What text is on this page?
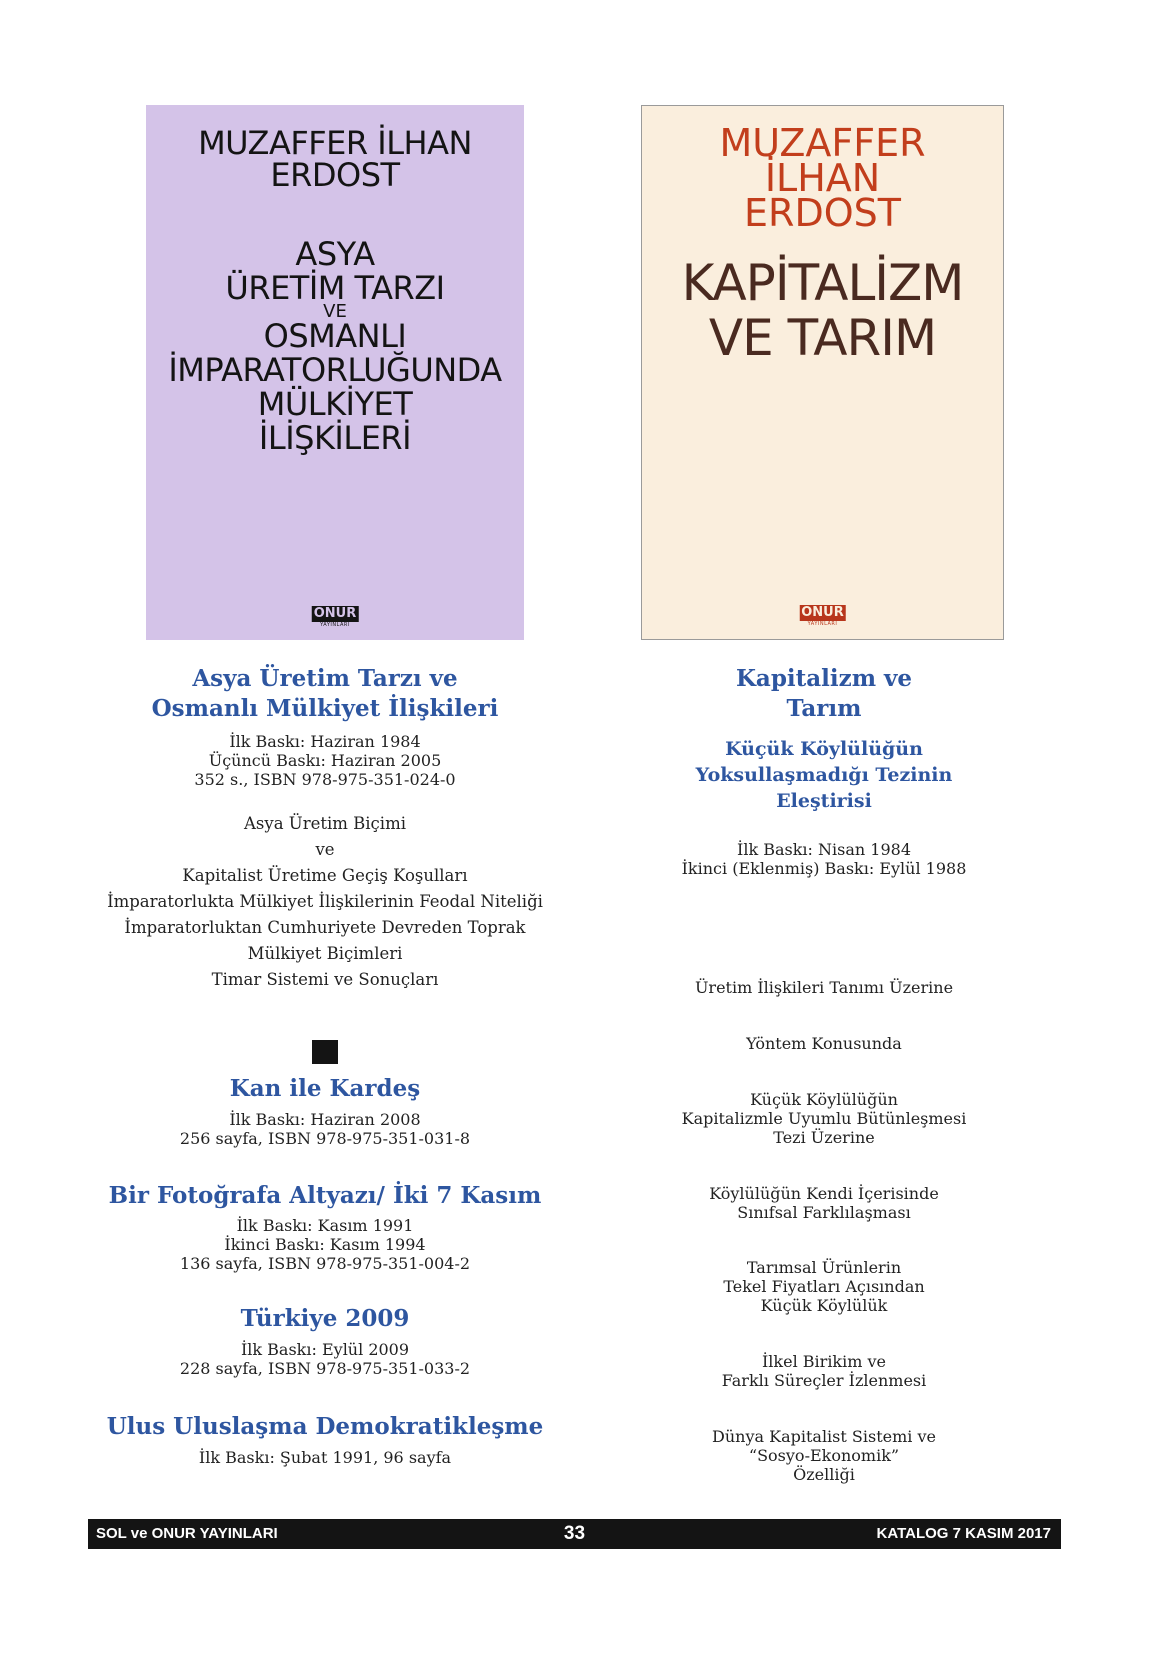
MUZAFFER İLHAN
ERDOST
ASYA
ÜRETİM TARZI
VE
OSMANLI
İMPARATORLUĞUNDA
MÜLKİYET
İLİŞKİLERİ
ONUR
YAYINLARI
MUZAFFER
İLHAN
ERDOST
KAPİTALİZM
VE TARIM
ONUR
YAYINLARI
Asya Üretim Tarzı ve Osmanlı Mülkiyet İlişkileri
İlk Baskı: Haziran 1984
Üçüncü Baskı: Haziran 2005
352 s., ISBN 978-975-351-024-0
Asya Üretim Biçimi
ve
Kapitalist Üretime Geçiş Koşulları
İmparatorlukta Mülkiyet İlişkilerinin Feodal Niteliği
İmparatorluktan Cumhuriyete Devreden Toprak
Mülkiyet Biçimleri
Timar Sistemi ve Sonuçları
Kan ile Kardeş
İlk Baskı: Haziran 2008
256 sayfa, ISBN 978-975-351-031-8
Bir Fotoğrafa Altyazı/ İki 7 Kasım
İlk Baskı: Kasım 1991
İkinci Baskı: Kasım 1994
136 sayfa, ISBN 978-975-351-004-2
Türkiye 2009
İlk Baskı: Eylül 2009
228 sayfa, ISBN 978-975-351-033-2
Ulus Uluslaşma Demokratikleşme
İlk Baskı: Şubat 1991, 96 sayfa
Kapitalizm ve Tarım
Küçük Köylülüğün Yoksullaşmadığı Tezinin Eleştirisi
İlk Baskı: Nisan 1984
İkinci (Eklenmiş) Baskı: Eylül 1988
Üretim İlişkileri Tanımı Üzerine
Yöntem Konusunda
Küçük Köylülüğün
Kapitalizmle Uyumlu Bütünleşmesi
Tezi Üzerine
Köylülüğün Kendi İçerisinde
Sınıfsal Farklılaşması
Tarımsal Ürünlerin
Tekel Fiyatları Açısından
Küçük Köylülük
İlkel Birikim ve
Farklı Süreçler İzlenmesi
Dünya Kapitalist Sistemi ve
“Sosyo-Ekonomik”
Özelliği
SOL ve ONUR YAYINLARI	33	KATALOG 7 KASIM 2017
